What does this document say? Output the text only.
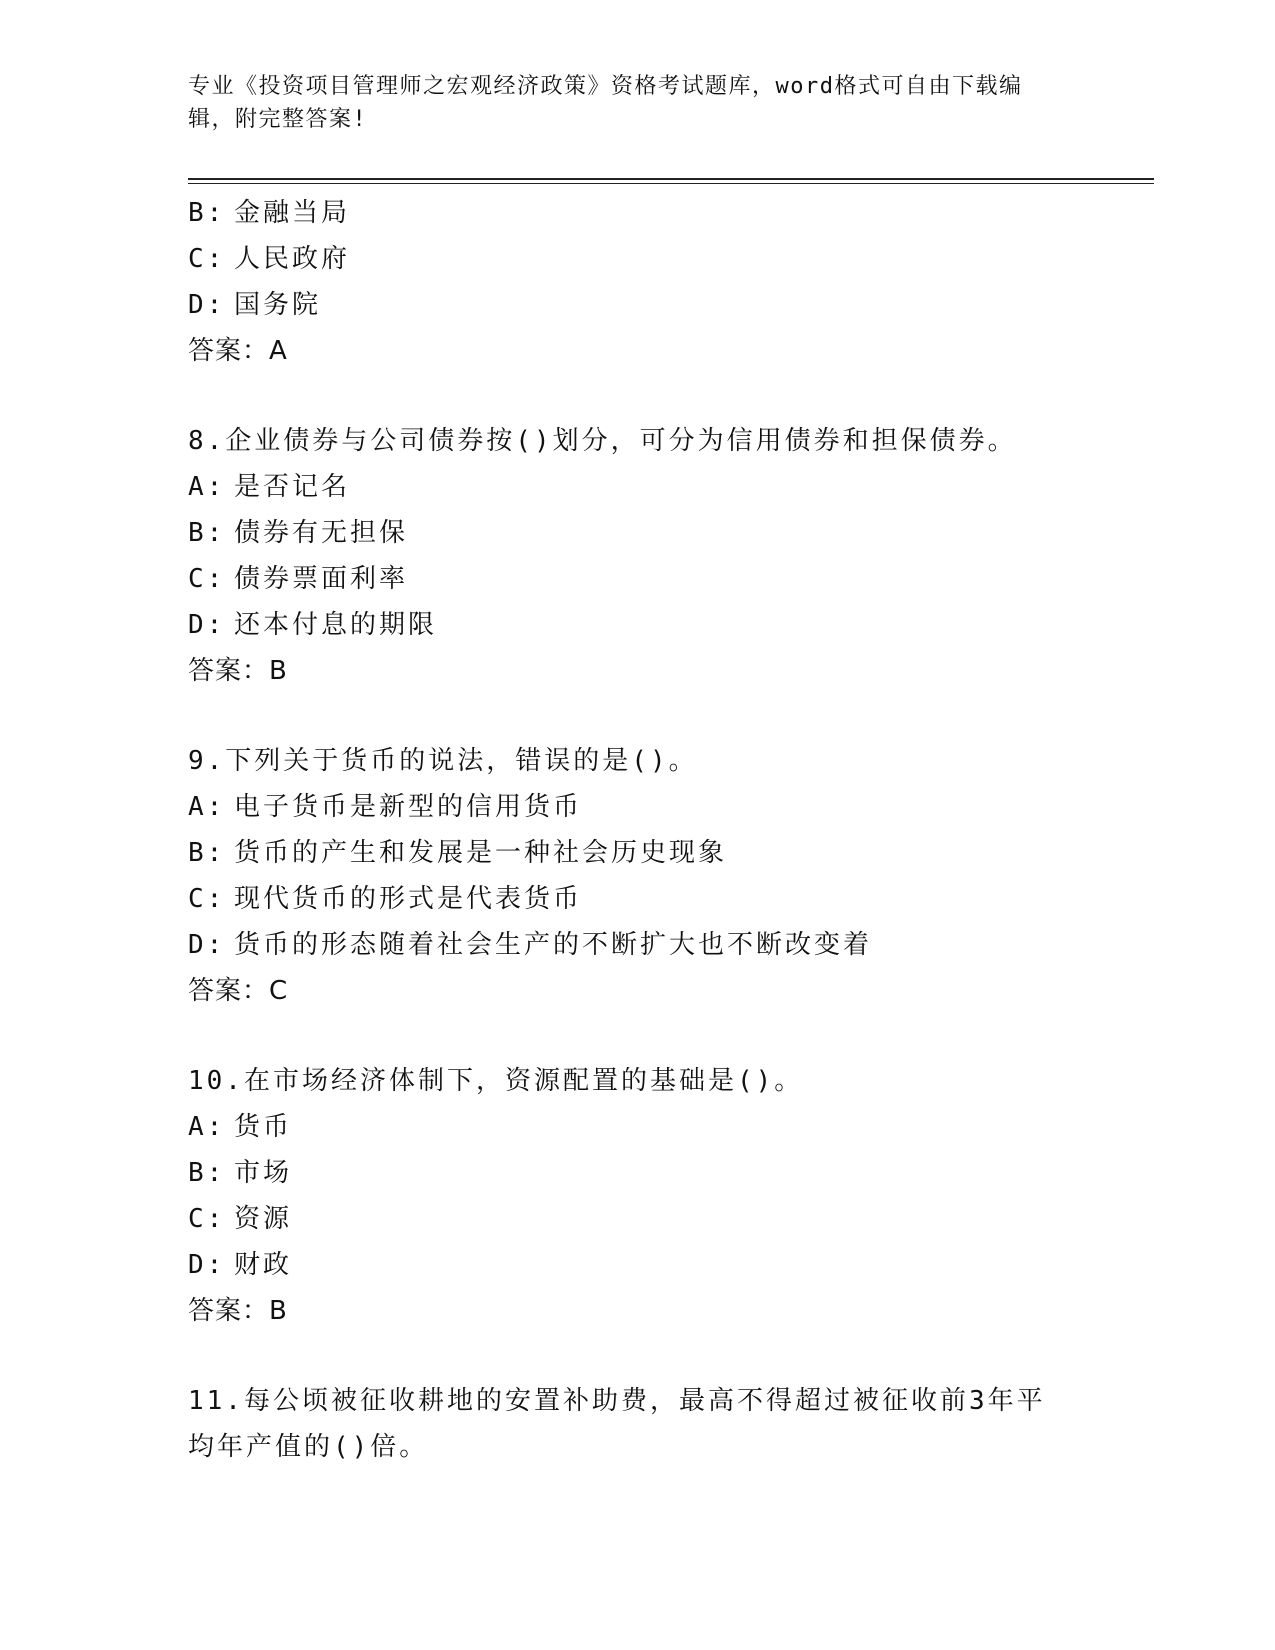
专业《投资项目管理师之宏观经济政策》资格考试题库，word格式可自由下载编辑，附完整答案!
B: 金融当局
C: 人民政府
D: 国务院
答案：A
8.企业债券与公司债券按()划分，可分为信用债券和担保债券。
A: 是否记名
B: 债券有无担保
C: 债券票面利率
D: 还本付息的期限
答案：B
9.下列关于货币的说法，错误的是()。
A: 电子货币是新型的信用货币
B: 货币的产生和发展是一种社会历史现象
C: 现代货币的形式是代表货币
D: 货币的形态随着社会生产的不断扩大也不断改变着
答案：C
10.在市场经济体制下，资源配置的基础是()。
A: 货币
B: 市场
C: 资源
D: 财政
答案：B
11.每公顷被征收耕地的安置补助费，最高不得超过被征收前3年平均年产值的()倍。
